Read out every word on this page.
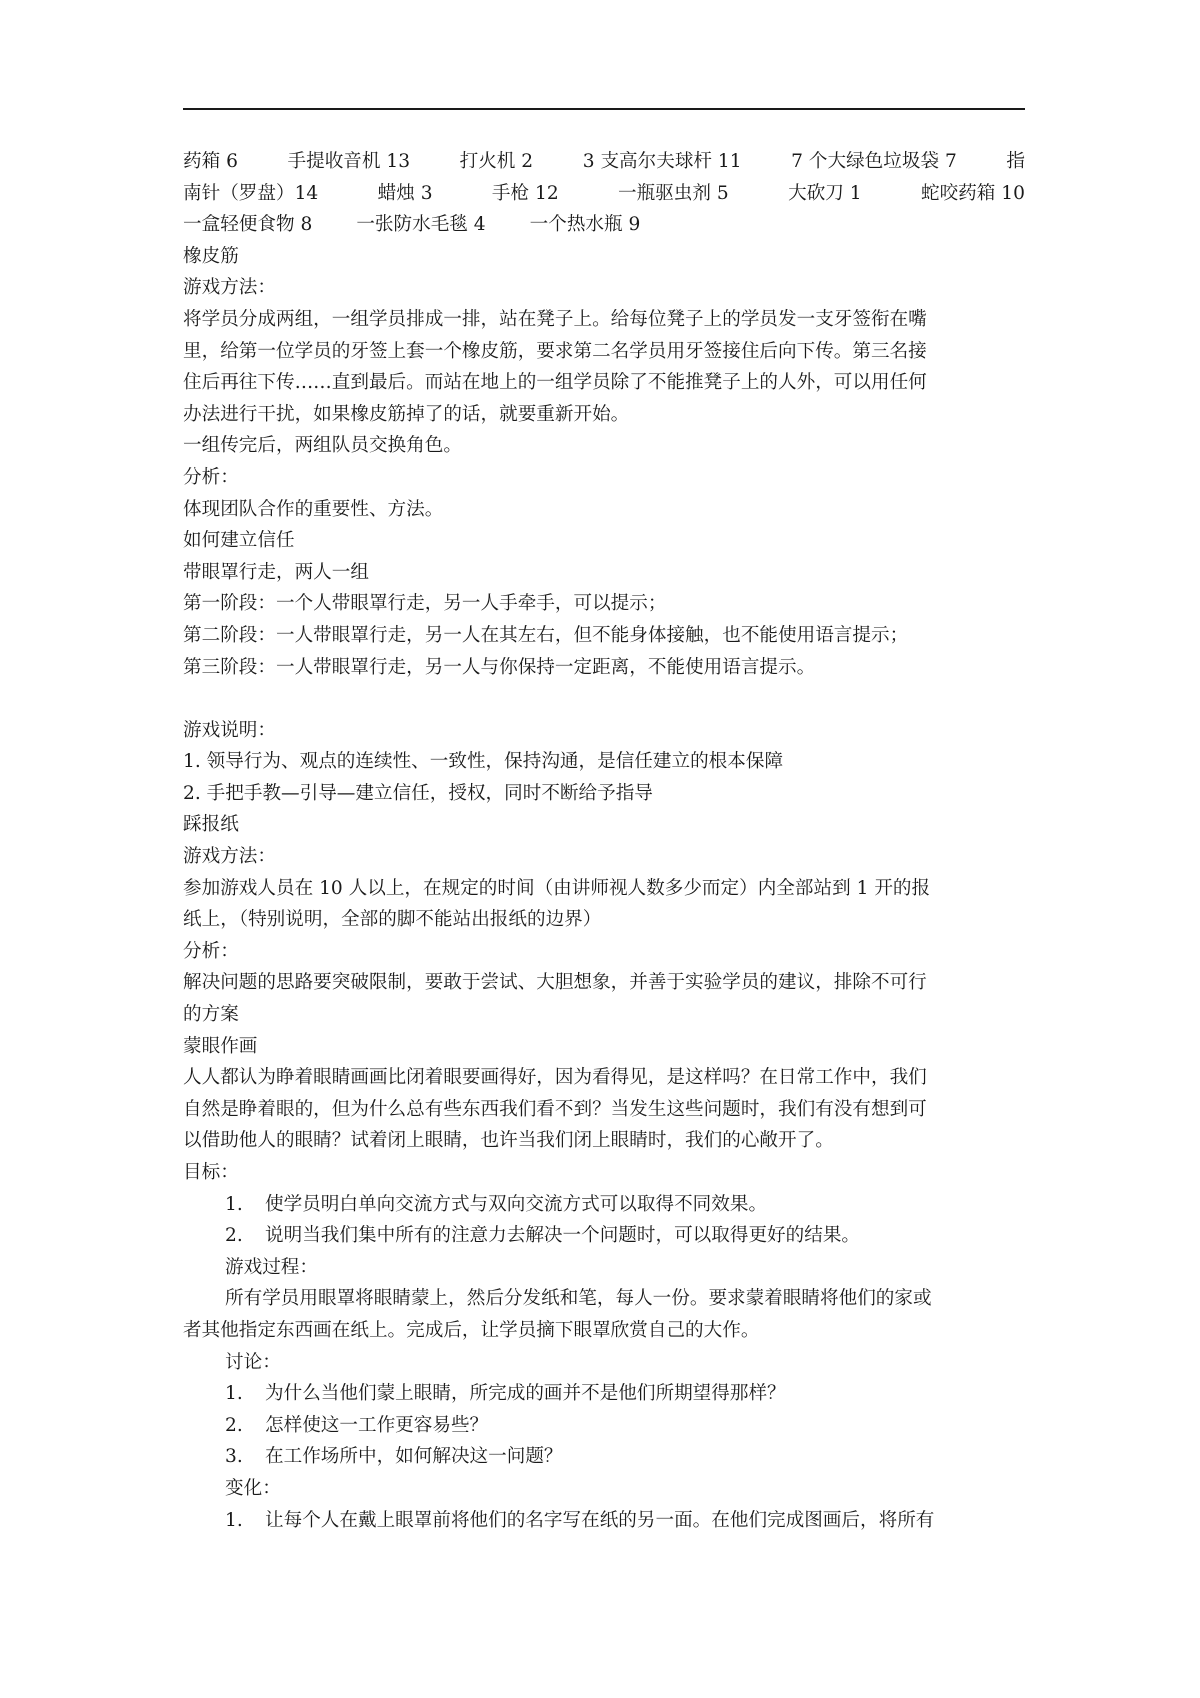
药箱 6	手提收音机 13	打火机 2	3 支高尔夫球杆 11	7 个大绿色垃圾袋 7	指
南针（罗盘）14	蜡烛 3	手枪 12	一瓶驱虫剂 5	大砍刀 1	蛇咬药箱 10
一盒轻便食物 8 一张防水毛毯 4 一个热水瓶 9
橡皮筋
游戏方法：
将学员分成两组，一组学员排成一排，站在凳子上。给每位凳子上的学员发一支牙签衔在嘴
里，给第一位学员的牙签上套一个橡皮筋，要求第二名学员用牙签接住后向下传。第三名接
住后再往下传……直到最后。而站在地上的一组学员除了不能推凳子上的人外，可以用任何
办法进行干扰，如果橡皮筋掉了的话，就要重新开始。
一组传完后，两组队员交换角色。
分析：
体现团队合作的重要性、方法。
如何建立信任
带眼罩行走，两人一组
第一阶段：一个人带眼罩行走，另一人手牵手，可以提示；
第二阶段：一人带眼罩行走，另一人在其左右，但不能身体接触，也不能使用语言提示；
第三阶段：一人带眼罩行走，另一人与你保持一定距离，不能使用语言提示。
游戏说明：
1. 领导行为、观点的连续性、一致性，保持沟通，是信任建立的根本保障
2. 手把手教—引导—建立信任，授权，同时不断给予指导
踩报纸
游戏方法：
参加游戏人员在 10 人以上，在规定的时间（由讲师视人数多少而定）内全部站到 1 开的报
纸上，（特别说明，全部的脚不能站出报纸的边界）
分析：
解决问题的思路要突破限制，要敢于尝试、大胆想象，并善于实验学员的建议，排除不可行
的方案
蒙眼作画
人人都认为睁着眼睛画画比闭着眼要画得好，因为看得见，是这样吗？在日常工作中，我们
自然是睁着眼的，但为什么总有些东西我们看不到？当发生这些问题时，我们有没有想到可
以借助他人的眼睛？试着闭上眼睛，也许当我们闭上眼睛时，我们的心敞开了。
目标：
1. 使学员明白单向交流方式与双向交流方式可以取得不同效果。
2. 说明当我们集中所有的注意力去解决一个问题时，可以取得更好的结果。
游戏过程：
所有学员用眼罩将眼睛蒙上，然后分发纸和笔，每人一份。要求蒙着眼睛将他们的家或
者其他指定东西画在纸上。完成后，让学员摘下眼罩欣赏自己的大作。
讨论：
1. 为什么当他们蒙上眼睛，所完成的画并不是他们所期望得那样？
2. 怎样使这一工作更容易些？
3. 在工作场所中，如何解决这一问题？
变化：
1. 让每个人在戴上眼罩前将他们的名字写在纸的另一面。在他们完成图画后，将所有
